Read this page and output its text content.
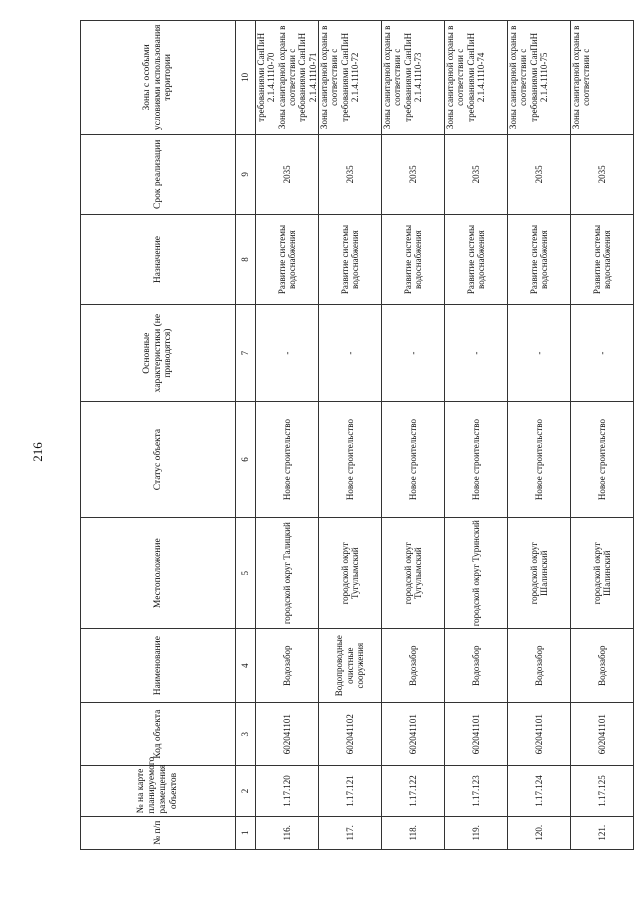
216
№ п/п	№ на карте планируемого размещения объектов	Код объекта	Наименование	Местоположение	Статус объекта	Основные характеристики (не приводятся)	Назначение	Срок реализации	Зоны с особыми условиями использования территории
1	2	3	4	5	6	7	8	9	10
116.	1.17.120	602041101	Водозабор	городской округ Талицкий	Новое строительство	-	Развитие системы водоснабжения	2035	требованиями СанПиН 2.1.4.1110-70
Зоны санитарной охраны в соответствии с требованиями СанПиН 2.1.4.1110-71

117.	1.17.121	602041102	Водопроводные очистные сооружения	городской округ Тугулымский	Новое строительство	-	Развитие системы водоснабжения	2035	Зоны санитарной охраны в соответствии с требованиями СанПиН 2.1.4.1110-72

118.	1.17.122	602041101	Водозабор	городской округ Тугулымский	Новое строительство	-	Развитие системы водоснабжения	2035	Зоны санитарной охраны в соответствии с требованиями СанПиН 2.1.4.1110-73

119.	1.17.123	602041101	Водозабор	городской округ Туринский	Новое строительство	-	Развитие системы водоснабжения	2035	Зоны санитарной охраны в соответствии с требованиями СанПиН 2.1.4.1110-74

120.	1.17.124	602041101	Водозабор	городской округ Шалинский	Новое строительство	-	Развитие системы водоснабжения	2035	Зоны санитарной охраны в соответствии с требованиями СанПиН 2.1.4.1110-75

121.	1.17.125	602041101	Водозабор	городской округ Шалинский	Новое строительство	-	Развитие системы водоснабжения	2035	Зоны санитарной охраны в соответствии с
